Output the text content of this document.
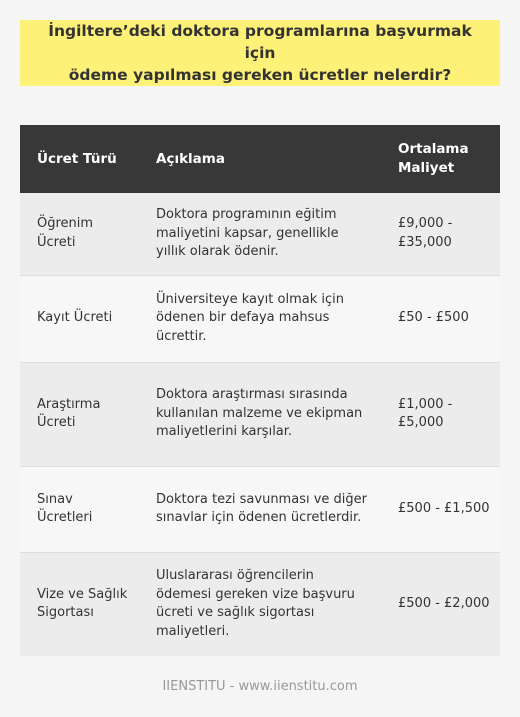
İngiltere’deki doktora programlarına başvurmak için
ödeme yapılması gereken ücretler nelerdir?
Ücret Türü	Açıklama	Ortalama Maliyet
Öğrenim Ücreti	Doktora programının eğitim maliyetini kapsar, genellikle yıllık olarak ödenir.	£9,000 - £35,000
Kayıt Ücreti	Üniversiteye kayıt olmak için ödenen bir defaya mahsus ücrettir.	£50 - £500
Araştırma Ücreti	Doktora araştırması sırasında kullanılan malzeme ve ekipman maliyetlerini karşılar.	£1,000 - £5,000
Sınav Ücretleri	Doktora tezi savunması ve diğer sınavlar için ödenen ücretlerdir.	£500 - £1,500
Vize ve Sağlık Sigortası	Uluslararası öğrencilerin ödemesi gereken vize başvuru ücreti ve sağlık sigortası maliyetleri.	£500 - £2,000
IIENSTITU - www.iienstitu.com
